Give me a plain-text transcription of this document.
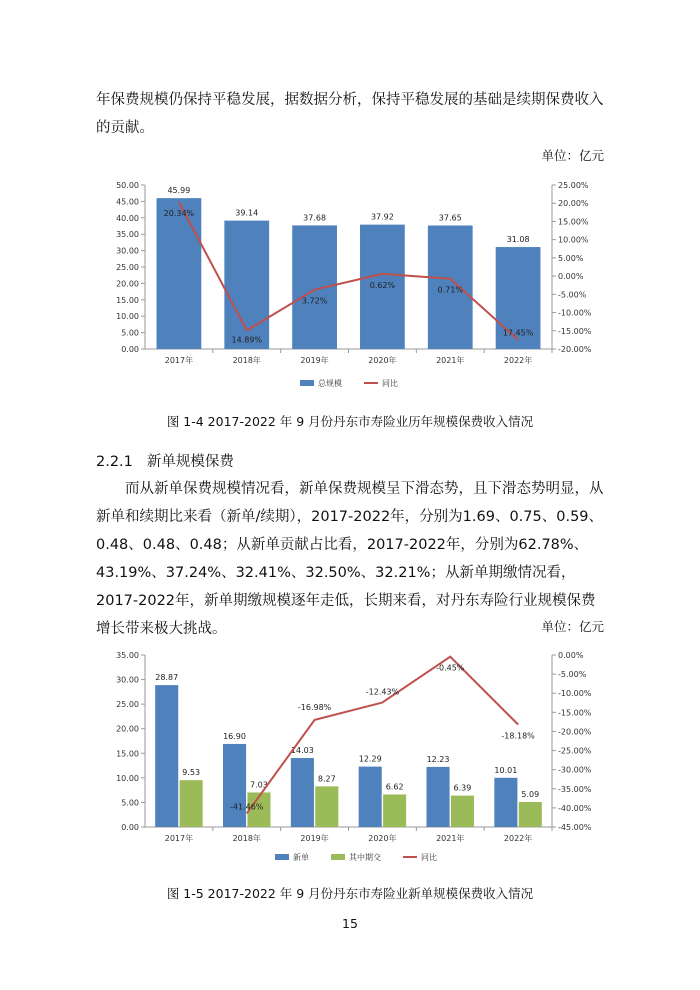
年保费规模仍保持平稳发展，据数据分析，保持平稳发展的基础是续期保费收入的贡献。

单位：亿元
0.00
5.00
10.00
15.00
20.00
25.00
30.00
35.00
40.00
45.00
50.00
-20.00%
-15.00%
-10.00%
-5.00%
0.00%
5.00%
10.00%
15.00%
20.00%
25.00%
2017年	2018年	2019年	2020年	2021年	2022年
45.99
39.14
37.68	37.92	37.65
31.08
20.34%
14.89%
3.72%
0.62%
0.71%
17.45%
总规模	同比
图 1-4 2017-2022 年 9 月份丹东市寿险业历年规模保费收入情况
2.2.1 新单规模保费

而从新单保费规模情况看，新单保费规模呈下滑态势，且下滑态势明显，从新单和续期比来看（新单/续期），2017-2022年，分别为1.69、0.75、0.59、0.48、0.48、0.48；从新单贡献占比看，2017-2022年，分别为62.78%、43.19%、37.24%、32.41%、32.50%、32.21%；从新单期缴情况看，2017-2022年，新单期缴规模逐年走低，长期来看，对丹东寿险行业规模保费增长带来极大挑战。	单位：亿元
0.00
5.00
10.00
15.00
20.00
25.00
30.00
35.00
-45.00%
-40.00%
-35.00%
-30.00%
-25.00%
-20.00%
-15.00%
-10.00%
-5.00%
0.00%
2017年	2018年	2019年	2020年	2021年	2022年
28.87
16.90
14.03
12.29	12.23
10.01
9.53
7.03
8.27
6.62	6.39
5.09
-41.46%
-16.98%
-12.43%
-0.45%
-18.18%
新单	其中期交	同比
图 1-5 2017-2022 年 9 月份丹东市寿险业新单规模保费收入情况
15
